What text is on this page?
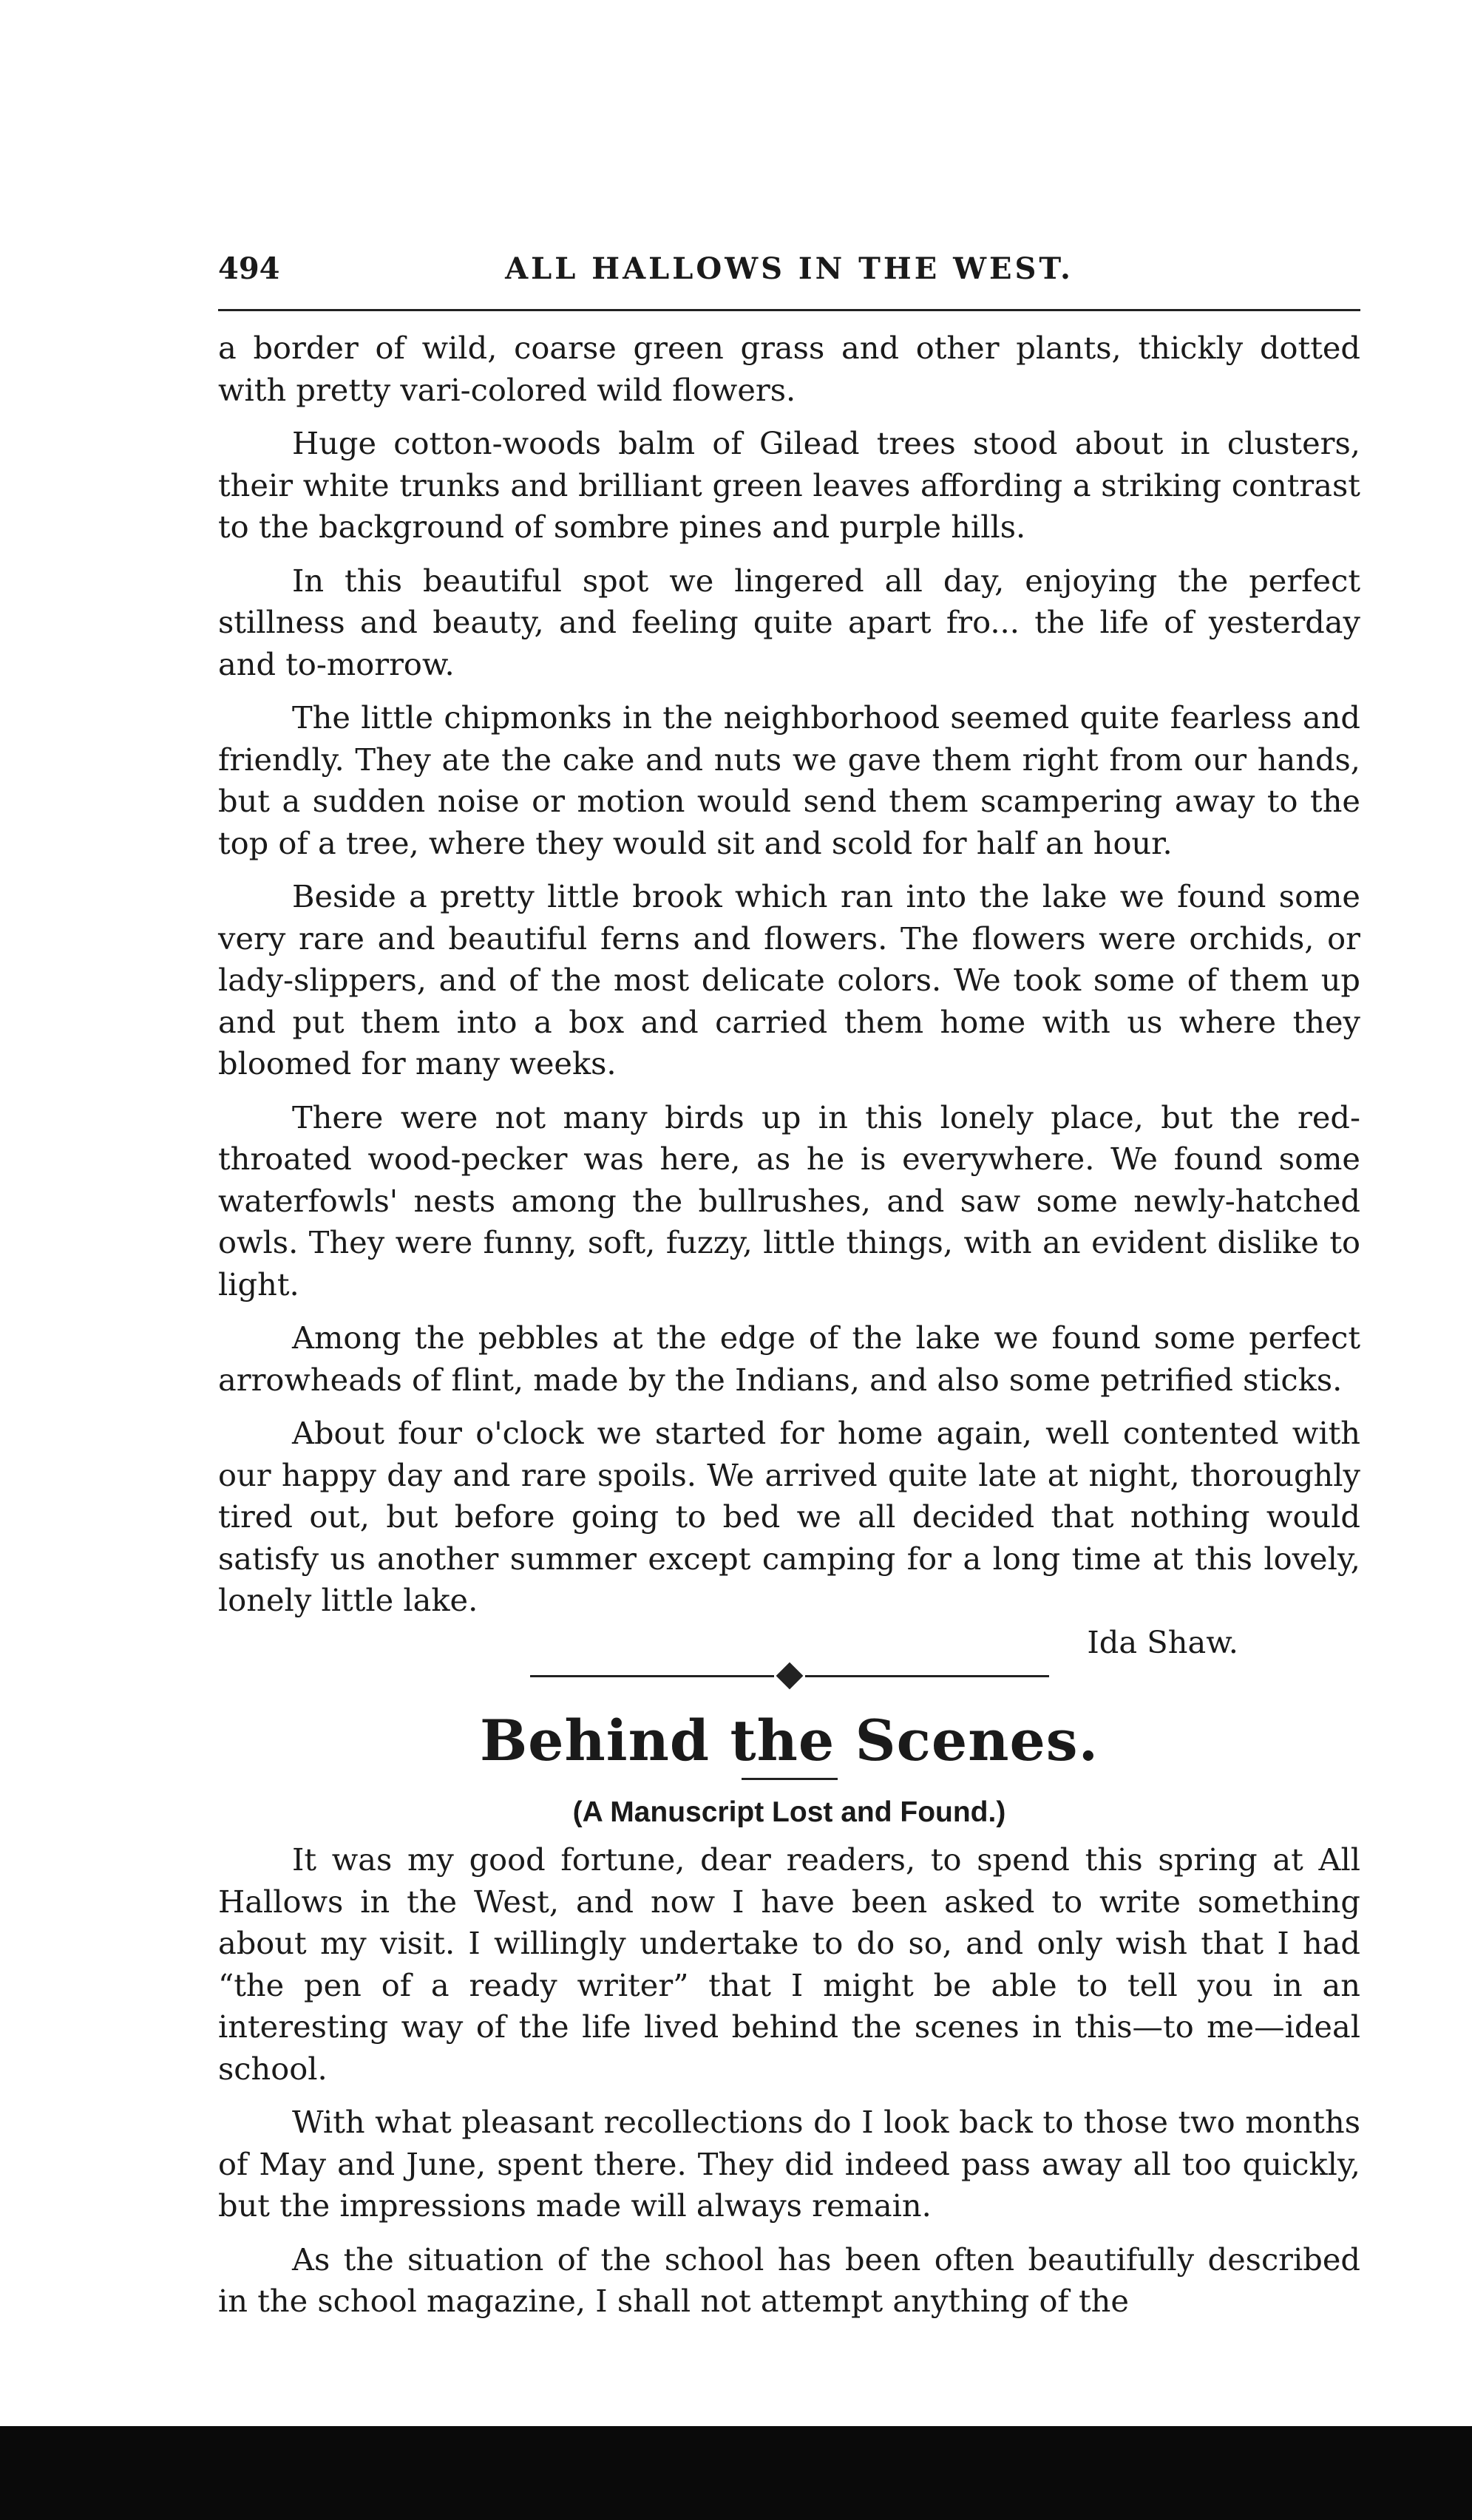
494	ALL HALLOWS IN THE WEST.

a border of wild, coarse green grass and other plants, thickly dotted with pretty vari-colored wild flowers.

Huge cotton-woods balm of Gilead trees stood about in clusters, their white trunks and brilliant green leaves affording a striking contrast to the background of sombre pines and purple hills.

In this beautiful spot we lingered all day, enjoying the perfect stillness and beauty, and feeling quite apart fro... the life of yesterday and to-morrow.

The little chipmonks in the neighborhood seemed quite fearless and friendly. They ate the cake and nuts we gave them right from our hands, but a sudden noise or motion would send them scampering away to the top of a tree, where they would sit and scold for half an hour.

Beside a pretty little brook which ran into the lake we found some very rare and beautiful ferns and flowers. The flowers were orchids, or lady-slippers, and of the most delicate colors. We took some of them up and put them into a box and carried them home with us where they bloomed for many weeks.

There were not many birds up in this lonely place, but the red-throated wood-pecker was here, as he is everywhere. We found some waterfowls' nests among the bullrushes, and saw some newly-hatched owls. They were funny, soft, fuzzy, little things, with an evident dislike to light.

Among the pebbles at the edge of the lake we found some perfect arrowheads of flint, made by the Indians, and also some petrified sticks.

About four o'clock we started for home again, well contented with our happy day and rare spoils. We arrived quite late at night, thoroughly tired out, but before going to bed we all decided that nothing would satisfy us another summer except camping for a long time at this lovely, lonely little lake.

Ida Shaw.
Behind the Scenes.
(A Manuscript Lost and Found.)

It was my good fortune, dear readers, to spend this spring at All Hallows in the West, and now I have been asked to write something about my visit. I willingly undertake to do so, and only wish that I had “the pen of a ready writer” that I might be able to tell you in an interesting way of the life lived behind the scenes in this—to me—ideal school.

With what pleasant recollections do I look back to those two months of May and June, spent there. They did indeed pass away all too quickly, but the impressions made will always remain.

As the situation of the school has been often beautifully described in the school magazine, I shall not attempt anything of the
